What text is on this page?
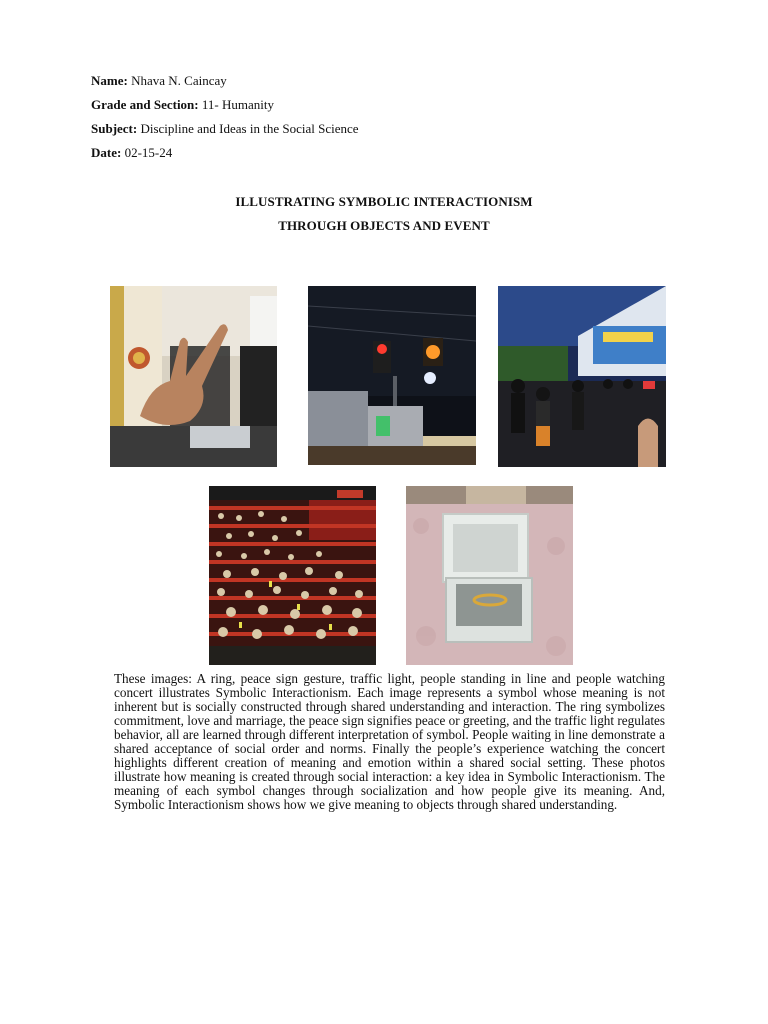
Name: Nhava N. Caincay
Grade and Section: 11- Humanity
Subject: Discipline and Ideas in the Social Science
Date: 02-15-24
ILLUSTRATING SYMBOLIC INTERACTIONISM
THROUGH OBJECTS AND EVENT
These images: A ring, peace sign gesture, traffic light, people standing in line and people watching concert illustrates Symbolic Interactionism. Each image represents a symbol whose meaning is not inherent but is socially constructed through shared understanding and interaction. The ring symbolizes commitment, love and marriage, the peace sign signifies peace or greeting, and the traffic light regulates behavior, all are learned through different interpretation of symbol. People waiting in line demonstrate a shared acceptance of social order and norms. Finally the people’s experience watching the concert highlights different creation of meaning and emotion within a shared social setting. These photos illustrate how meaning is created through social interaction: a key idea in Symbolic Interactionism. The meaning of each symbol changes through socialization and how people give its meaning. And, Symbolic Interactionism shows how we give meaning to objects through shared understanding.
